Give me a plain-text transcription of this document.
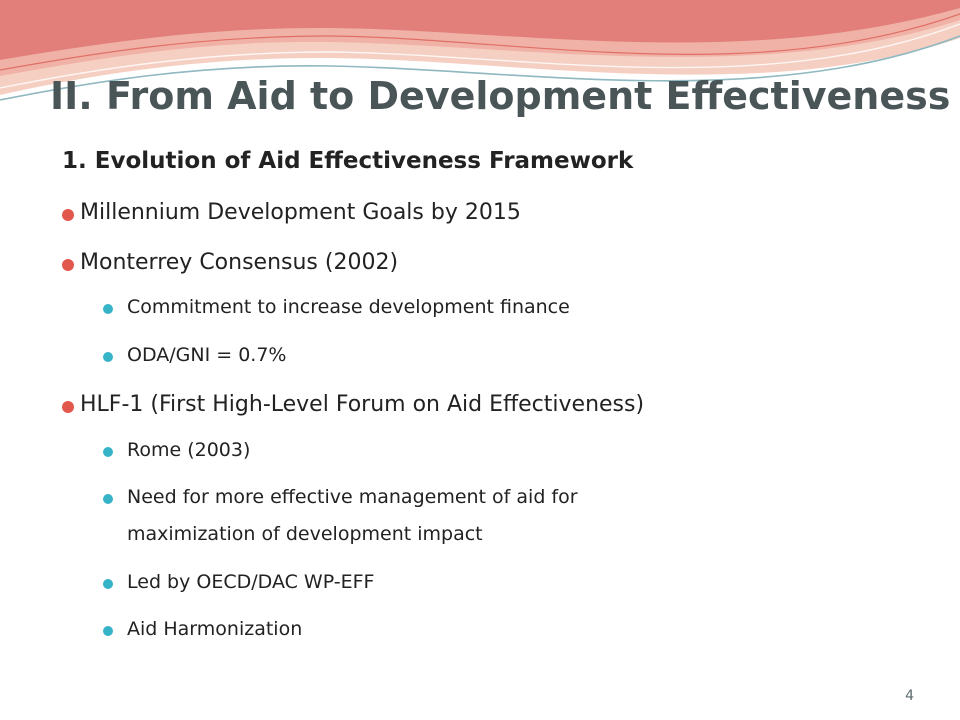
II. From Aid to Development Effectiveness
1. Evolution of Aid Effectiveness Framework
Millennium Development Goals by 2015
Monterrey Consensus (2002)
Commitment to increase development finance
ODA/GNI = 0.7%
HLF-1 (First High-Level Forum on Aid Effectiveness)
Rome (2003)
Need for more effective management of aid for
maximization of development impact
Led by OECD/DAC WP-EFF
Aid Harmonization
4
